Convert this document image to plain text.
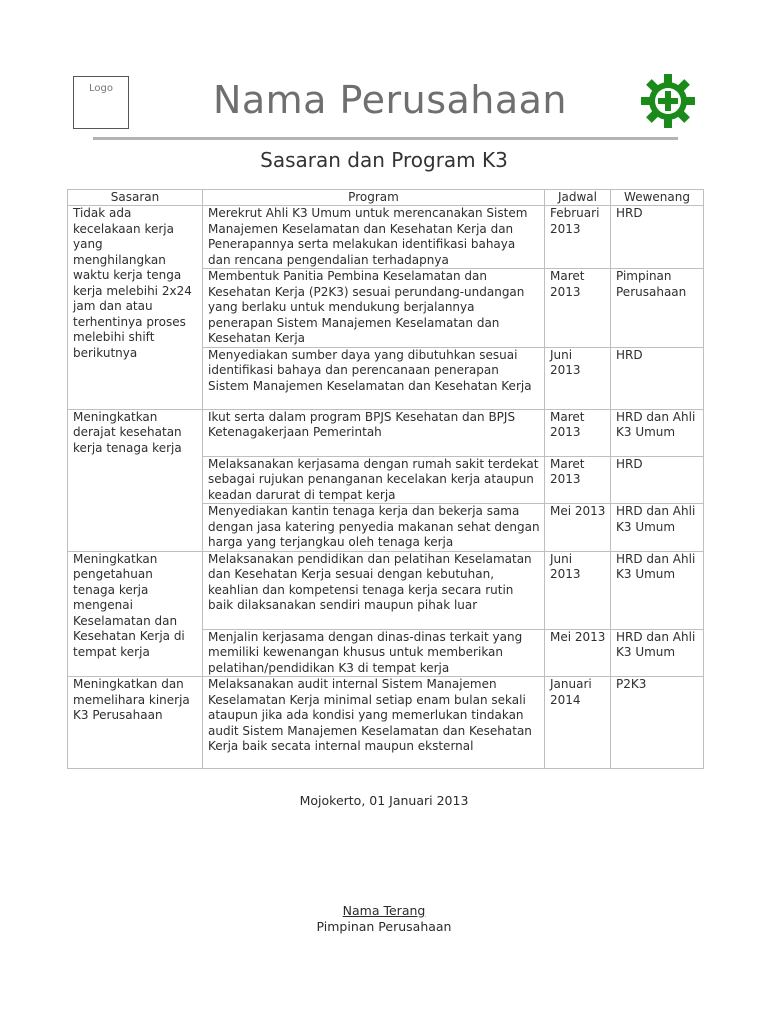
Logo	Nama Perusahaan
Sasaran dan Program K3
Sasaran	Program	Jadwal	Wewenang
Tidak ada kecelakaan kerja yang menghilangkan waktu kerja tenga kerja melebihi 2x24 jam dan atau terhentinya proses melebihi shift berikutnya	Merekrut Ahli K3 Umum untuk merencanakan Sistem Manajemen Keselamatan dan Kesehatan Kerja dan Penerapannya serta melakukan identifikasi bahaya dan rencana pengendalian terhadapnya	Februari 2013	HRD
	Membentuk Panitia Pembina Keselamatan dan Kesehatan Kerja (P2K3) sesuai perundang-undangan yang berlaku untuk mendukung berjalannya penerapan Sistem Manajemen Keselamatan dan Kesehatan Kerja	Maret 2013	Pimpinan Perusahaan
	Menyediakan sumber daya yang dibutuhkan sesuai identifikasi bahaya dan perencanaan penerapan Sistem Manajemen Keselamatan dan Kesehatan Kerja	Juni 2013	HRD
Meningkatkan derajat kesehatan kerja tenaga kerja	Ikut serta dalam program BPJS Kesehatan dan BPJS Ketenagakerjaan Pemerintah	Maret 2013	HRD dan Ahli K3 Umum
	Melaksanakan kerjasama dengan rumah sakit terdekat sebagai rujukan penanganan kecelakan kerja ataupun keadan darurat di tempat kerja	Maret 2013	HRD
	Menyediakan kantin tenaga kerja dan bekerja sama dengan jasa katering penyedia makanan sehat dengan harga yang terjangkau oleh tenaga kerja	Mei 2013	HRD dan Ahli K3 Umum
Meningkatkan pengetahuan tenaga kerja mengenai Keselamatan dan Kesehatan Kerja di tempat kerja	Melaksanakan pendidikan dan pelatihan Keselamatan dan Kesehatan Kerja sesuai dengan kebutuhan, keahlian dan kompetensi tenaga kerja secara rutin baik dilaksanakan sendiri maupun pihak luar	Juni 2013	HRD dan Ahli K3 Umum
	Menjalin kerjasama dengan dinas-dinas terkait yang memiliki kewenangan khusus untuk memberikan pelatihan/pendidikan K3 di tempat kerja	Mei 2013	HRD dan Ahli K3 Umum
Meningkatkan dan memelihara kinerja K3 Perusahaan	Melaksanakan audit internal Sistem Manajemen Keselamatan Kerja minimal setiap enam bulan sekali ataupun jika ada kondisi yang memerlukan tindakan audit Sistem Manajemen Keselamatan dan Kesehatan Kerja baik secata internal maupun eksternal	Januari 2014	P2K3
Mojokerto, 01 Januari 2013
Nama Terang
Pimpinan Perusahaan
